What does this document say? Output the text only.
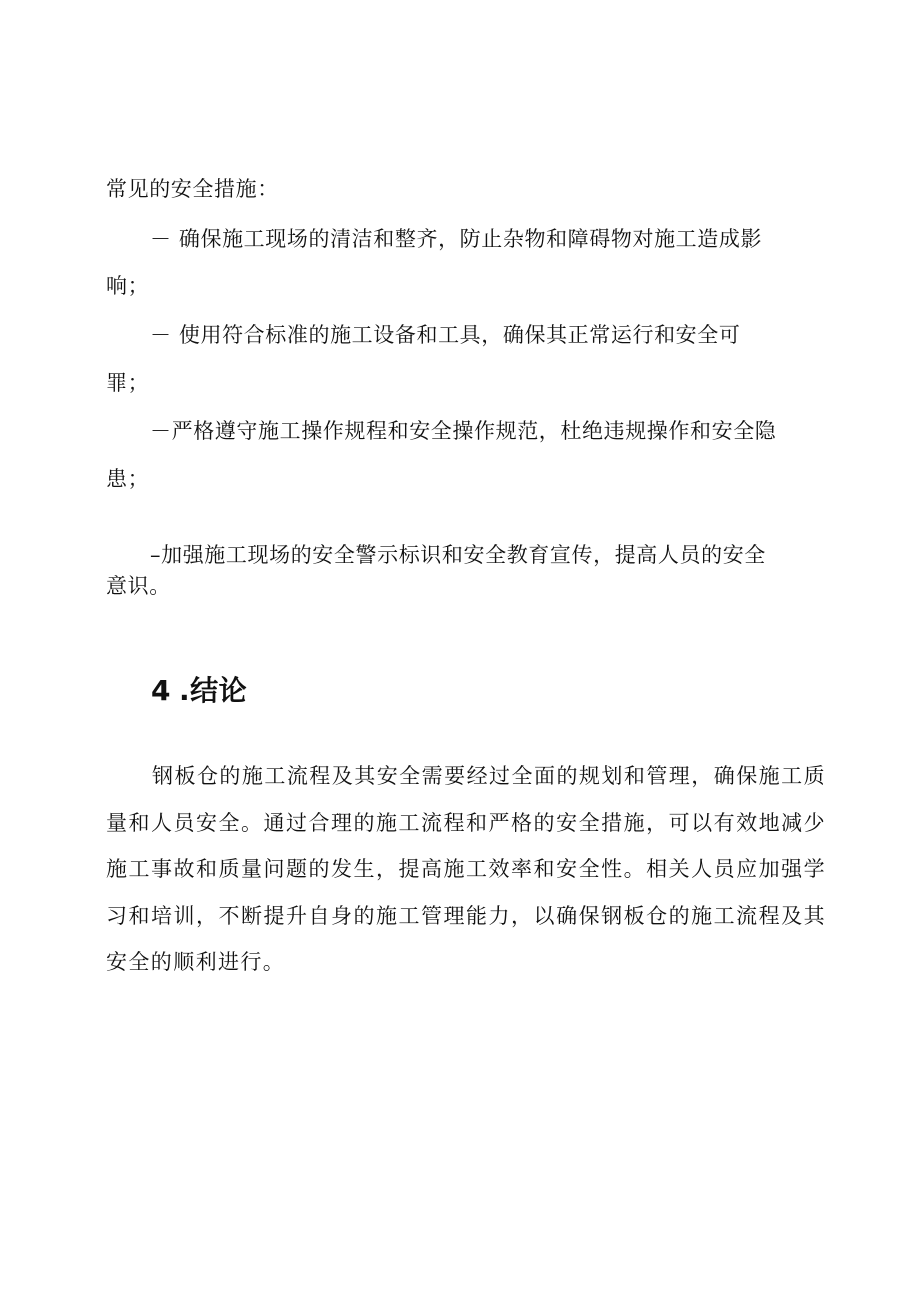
常见的安全措施：
－ 确保施工现场的清洁和整齐，防止杂物和障碍物对施工造成影
响；
－ 使用符合标准的施工设备和工具，确保其正常运行和安全可
罪；
－严格遵守施工操作规程和安全操作规范，杜绝违规操作和安全隐
患；
–加强施工现场的安全警示标识和安全教育宣传，提高人员的安全
意识。
4 .结论
钢板仓的施工流程及其安全需要经过全面的规划和管理，确保施工质量和人员安全。通过合理的施工流程和严格的安全措施，可以有效地减少施工事故和质量问题的发生，提高施工效率和安全性。相关人员应加强学习和培训，不断提升自身的施工管理能力，以确保钢板仓的施工流程及其安全的顺利进行。
